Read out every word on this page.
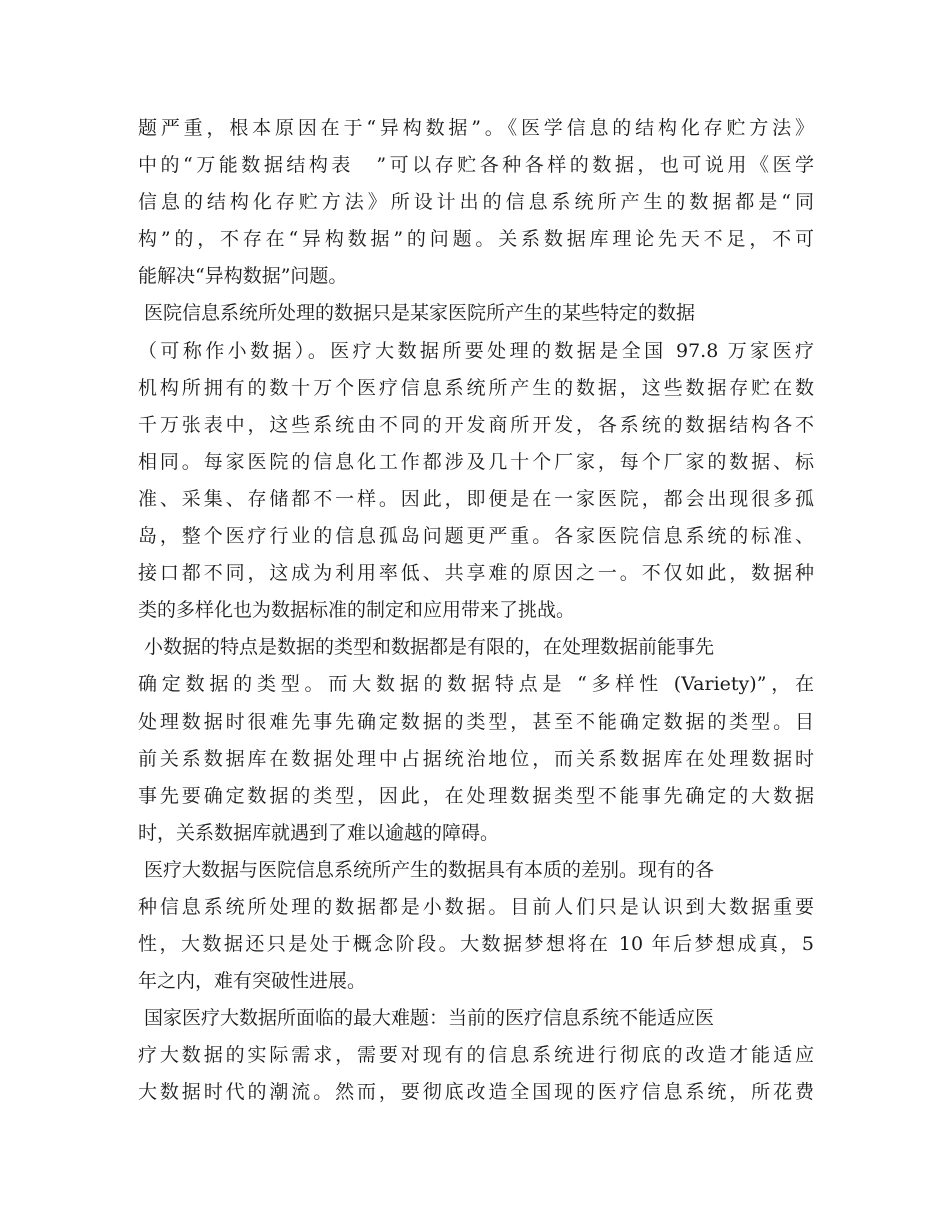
题严重，根本原因在于“异构数据”。《医学信息的结构化存贮方法》
中的“万能数据结构表　”可以存贮各种各样的数据，也可说用《医学
信息的结构化存贮方法》所设计出的信息系统所产生的数据都是“同
构”的，不存在“异构数据”的问题。关系数据库理论先天不足，不可
能解决“异构数据”问题。
医院信息系统所处理的数据只是某家医院所产生的某些特定的数据
（可称作小数据）。医疗大数据所要处理的数据是全国 97.8 万家医疗
机构所拥有的数十万个医疗信息系统所产生的数据，这些数据存贮在数
千万张表中，这些系统由不同的开发商所开发，各系统的数据结构各不
相同。每家医院的信息化工作都涉及几十个厂家，每个厂家的数据、标
准、采集、存储都不一样。因此，即便是在一家医院，都会出现很多孤
岛，整个医疗行业的信息孤岛问题更严重。各家医院信息系统的标准、
接口都不同，这成为利用率低、共享难的原因之一。不仅如此，数据种
类的多样化也为数据标准的制定和应用带来了挑战。
小数据的特点是数据的类型和数据都是有限的，在处理数据前能事先
确定数据的类型。而大数据的数据特点是 “多样性 (Variety)”，在
处理数据时很难先事先确定数据的类型，甚至不能确定数据的类型。目
前关系数据库在数据处理中占据统治地位，而关系数据库在处理数据时
事先要确定数据的类型，因此，在处理数据类型不能事先确定的大数据
时，关系数据库就遇到了难以逾越的障碍。
医疗大数据与医院信息系统所产生的数据具有本质的差别。现有的各
种信息系统所处理的数据都是小数据。目前人们只是认识到大数据重要
性，大数据还只是处于概念阶段。大数据梦想将在 10 年后梦想成真，5
年之内，难有突破性进展。
国家医疗大数据所面临的最大难题：当前的医疗信息系统不能适应医
疗大数据的实际需求，需要对现有的信息系统进行彻底的改造才能适应
大数据时代的潮流。然而，要彻底改造全国现的医疗信息系统，所花费
